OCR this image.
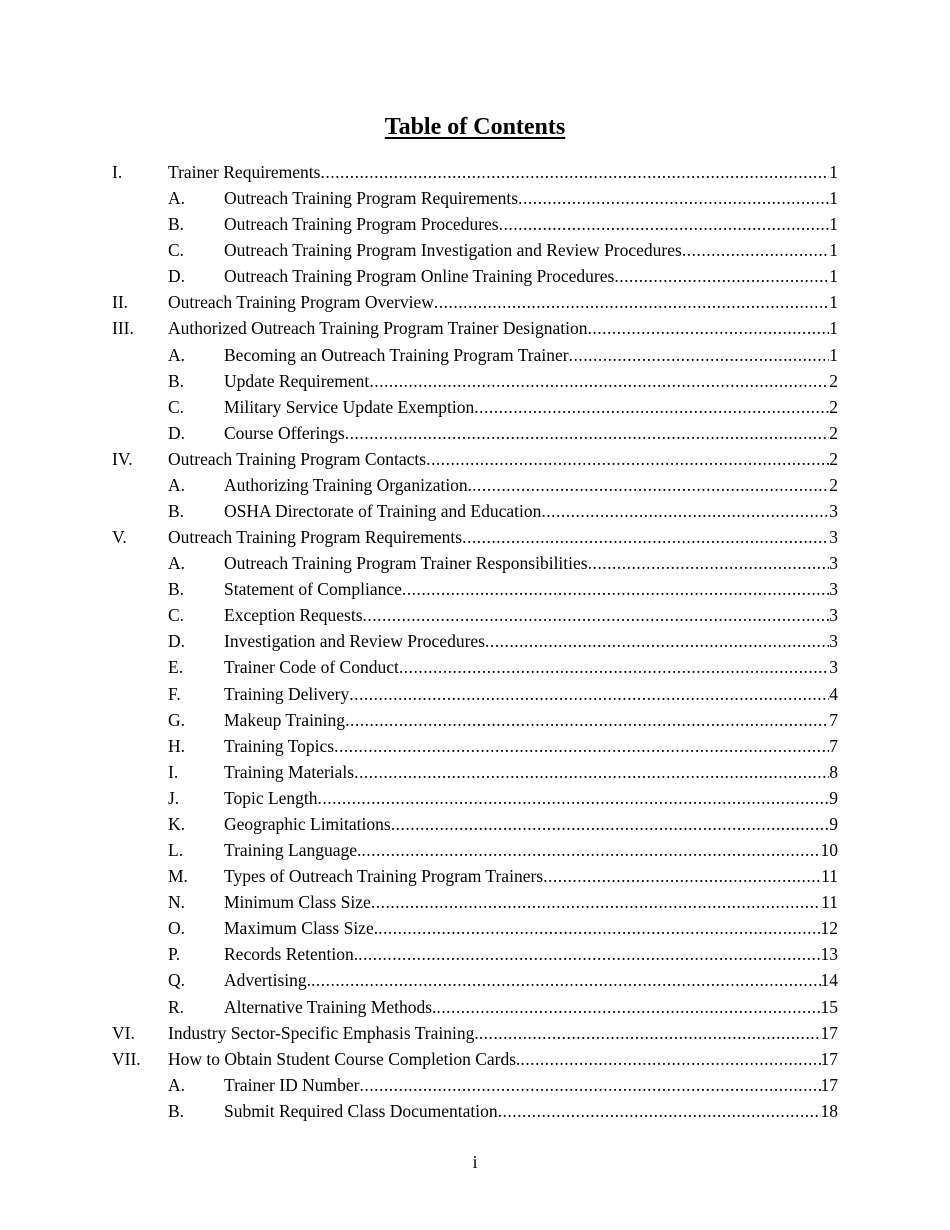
Table of Contents
I.	Trainer Requirements .....	1
A. Outreach Training Program Requirements .....	1
B. Outreach Training Program Procedures .....	1
C. Outreach Training Program Investigation and Review Procedures .....	1
D. Outreach Training Program Online Training Procedures .....	1
II. Outreach Training Program Overview .....	1
III. Authorized Outreach Training Program Trainer Designation .....	1
A. Becoming an Outreach Training Program Trainer .....	1
B. Update Requirement .....	2
C. Military Service Update Exemption .....	2
D. Course Offerings .....	2
IV. Outreach Training Program Contacts .....	2
A. Authorizing Training Organization. .....	2
B. OSHA Directorate of Training and Education .....	3
V. Outreach Training Program Requirements .....	3
A. Outreach Training Program Trainer Responsibilities .....	3
B. Statement of Compliance .....	3
C. Exception Requests .....	3
D. Investigation and Review Procedures .....	3
E. Trainer Code of Conduct .....	3
F. Training Delivery .....	4
G. Makeup Training .....	7
H. Training Topics .....	7
I.	Training Materials .....	8
J.	Topic Length .....	9
K. Geographic Limitations .....	9
L. Training Language. .....	10
M. Types of Outreach Training Program Trainers .....	11
N. Minimum Class Size .....	11
O. Maximum Class Size. .....	12
P.	Records Retention. .....	13
Q. Advertising. .....	14
R. Alternative Training Methods. .....	15
VI. Industry Sector-Specific Emphasis Training. .....	17
VII. How to Obtain Student Course Completion Cards. .....	17
A. Trainer ID Number .....	17
B. Submit Required Class Documentation .....	18
i
